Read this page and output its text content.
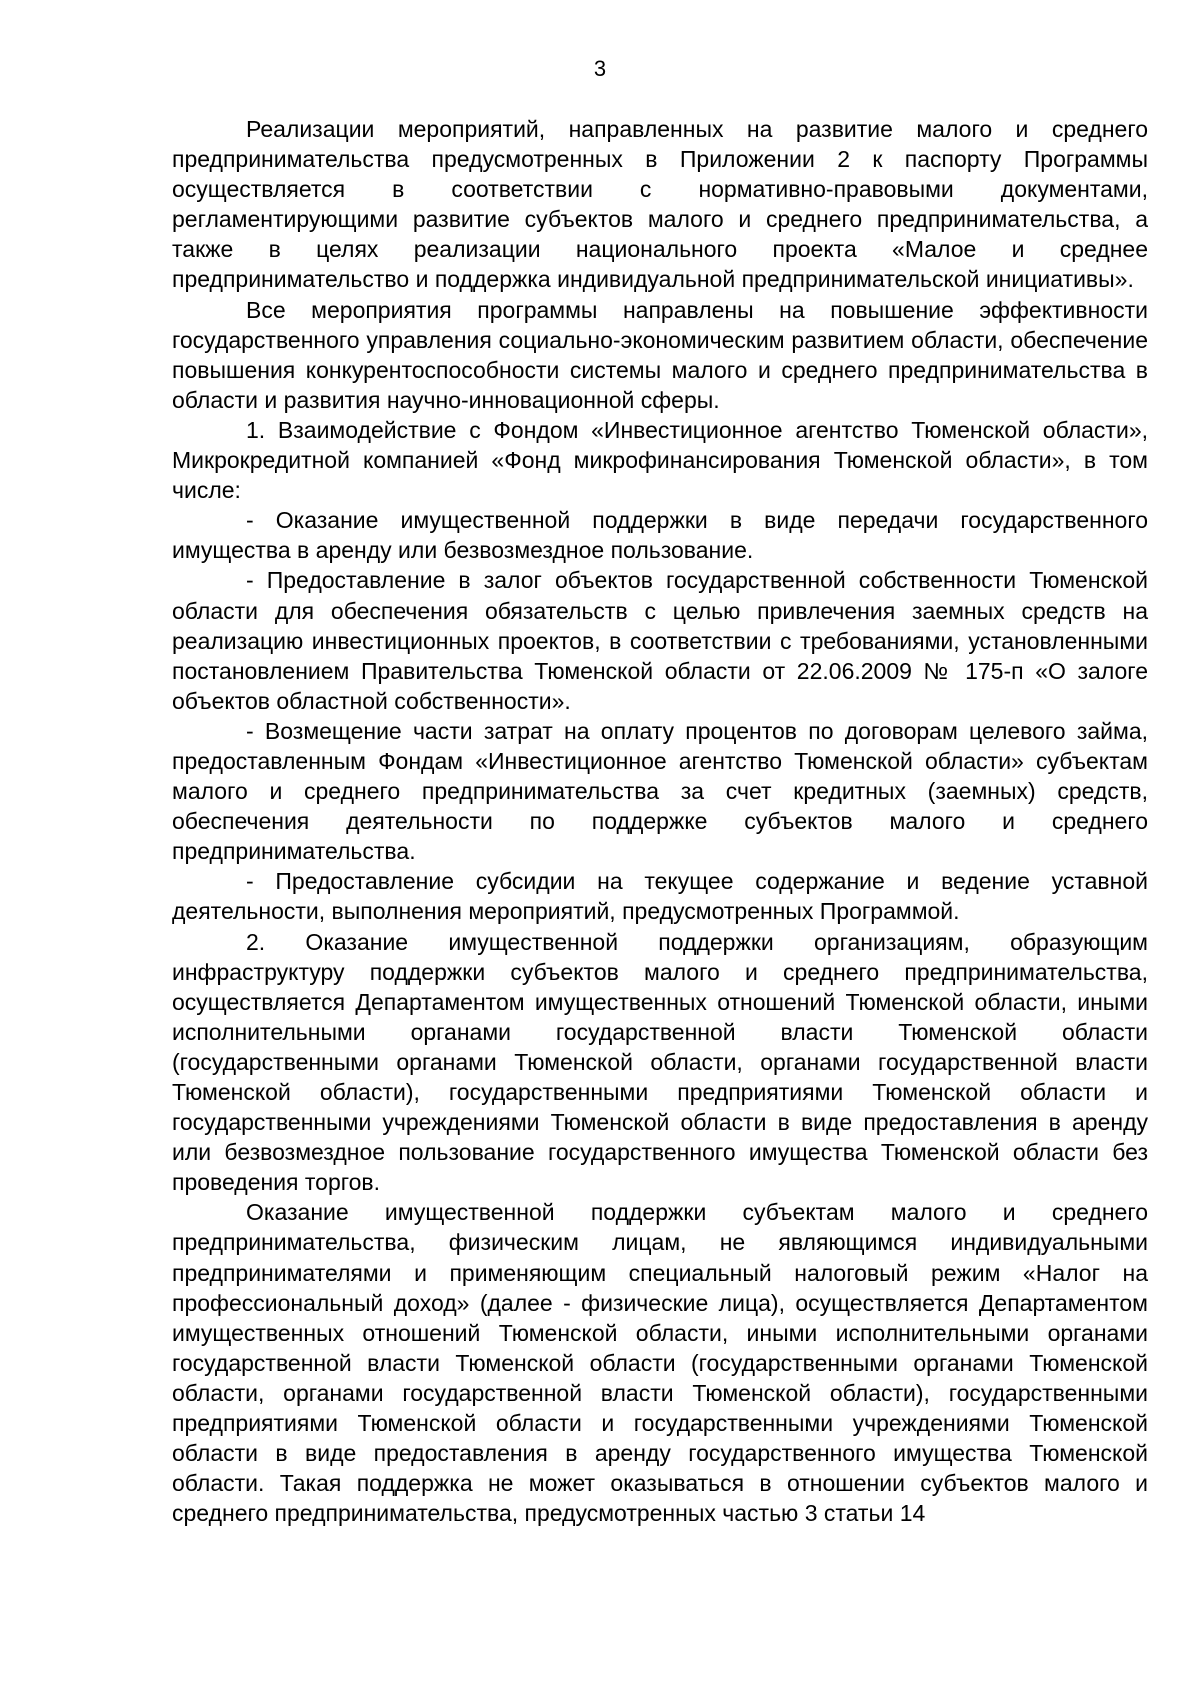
3

Реализации мероприятий, направленных на развитие малого и среднего предпринимательства предусмотренных в Приложении 2 к паспорту Программы осуществляется в соответствии с нормативно-правовыми документами, регламентирующими развитие субъектов малого и среднего предпринимательства, а также в целях реализации национального проекта «Малое и среднее предпринимательство и поддержка индивидуальной предпринимательской инициативы».

Все мероприятия программы направлены на повышение эффективности государственного управления социально-экономическим развитием области, обеспечение повышения конкурентоспособности системы малого и среднего предпринимательства в области и развития научно-инновационной сферы.

1. Взаимодействие с Фондом «Инвестиционное агентство Тюменской области», Микрокредитной компанией «Фонд микрофинансирования Тюменской области», в том числе:

- Оказание имущественной поддержки в виде передачи государственного имущества в аренду или безвозмездное пользование.

- Предоставление в залог объектов государственной собственности Тюменской области для обеспечения обязательств с целью привлечения заемных средств на реализацию инвестиционных проектов, в соответствии с требованиями, установленными постановлением Правительства Тюменской области от 22.06.2009 № 175-п «О залоге объектов областной собственности».

- Возмещение части затрат на оплату процентов по договорам целевого займа, предоставленным Фондам «Инвестиционное агентство Тюменской области» субъектам малого и среднего предпринимательства за счет кредитных (заемных) средств, обеспечения деятельности по поддержке субъектов малого и среднего предпринимательства.

- Предоставление субсидии на текущее содержание и ведение уставной деятельности, выполнения мероприятий, предусмотренных Программой.

2. Оказание имущественной поддержки организациям, образующим инфраструктуру поддержки субъектов малого и среднего предпринимательства, осуществляется Департаментом имущественных отношений Тюменской области, иными исполнительными органами государственной власти Тюменской области (государственными органами Тюменской области, органами государственной власти Тюменской области), государственными предприятиями Тюменской области и государственными учреждениями Тюменской области в виде предоставления в аренду или безвозмездное пользование государственного имущества Тюменской области без проведения торгов.

Оказание имущественной поддержки субъектам малого и среднего предпринимательства, физическим лицам, не являющимся индивидуальными предпринимателями и применяющим специальный налоговый режим «Налог на профессиональный доход» (далее - физические лица), осуществляется Департаментом имущественных отношений Тюменской области, иными исполнительными органами государственной власти Тюменской области (государственными органами Тюменской области, органами государственной власти Тюменской области), государственными предприятиями Тюменской области и государственными учреждениями Тюменской области в виде предоставления в аренду государственного имущества Тюменской области. Такая поддержка не может оказываться в отношении субъектов малого и среднего предпринимательства, предусмотренных частью 3 статьи 14
